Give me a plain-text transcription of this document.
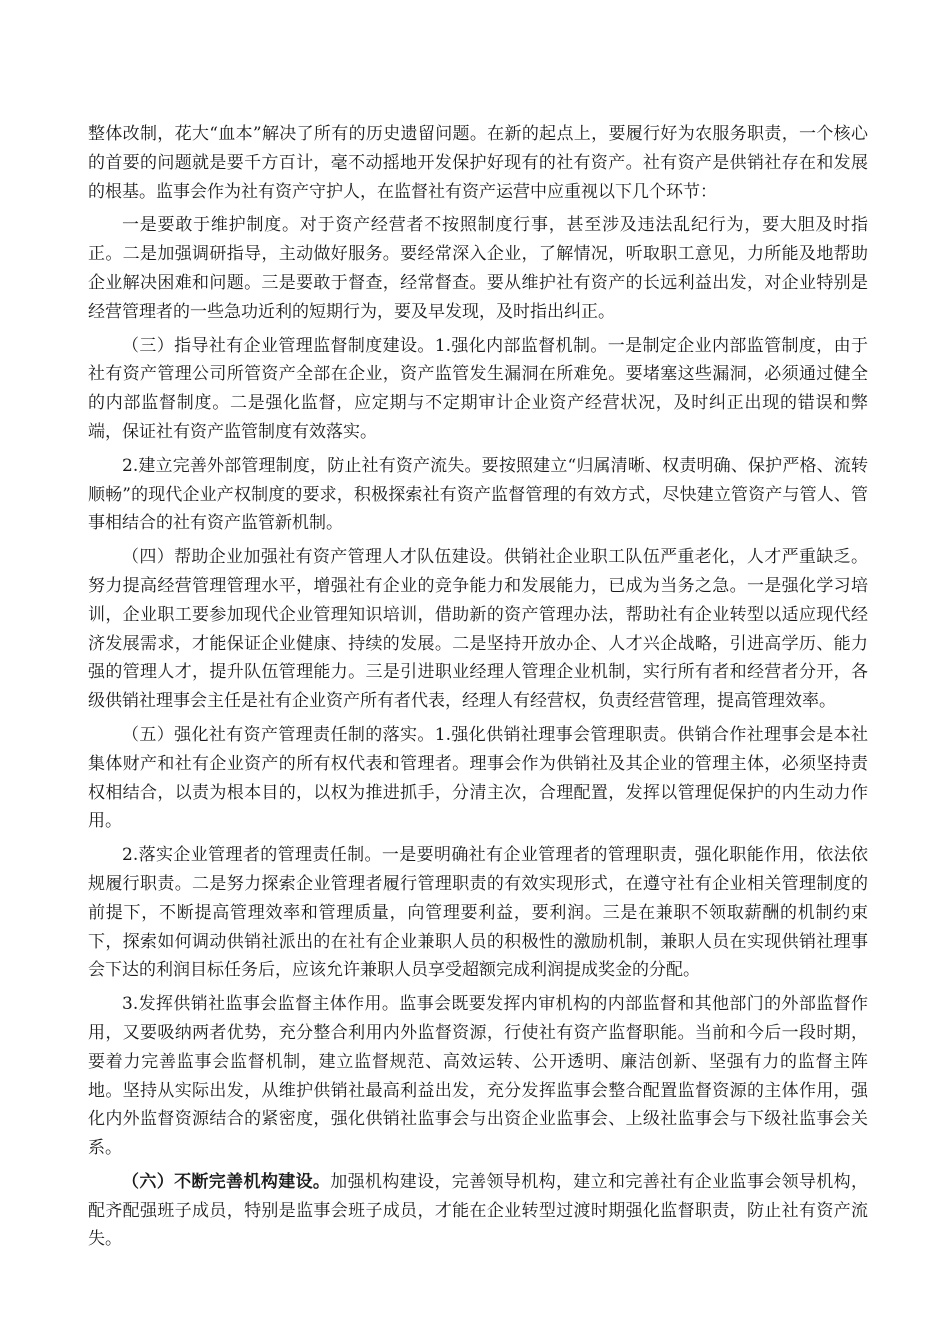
整体改制，花大“血本”解决了所有的历史遗留问题。在新的起点上，要履行好为农服务职责，一个核心的首要的问题就是要千方百计，毫不动摇地开发保护好现有的社有资产。社有资产是供销社存在和发展的根基。监事会作为社有资产守护人，在监督社有资产运营中应重视以下几个环节：

一是要敢于维护制度。对于资产经营者不按照制度行事，甚至涉及违法乱纪行为，要大胆及时指正。二是加强调研指导，主动做好服务。要经常深入企业，了解情况，听取职工意见，力所能及地帮助企业解决困难和问题。三是要敢于督查，经常督查。要从维护社有资产的长远利益出发，对企业特别是经营管理者的一些急功近利的短期行为，要及早发现，及时指出纠正。

（三）指导社有企业管理监督制度建设。1.强化内部监督机制。一是制定企业内部监管制度，由于社有资产管理公司所管资产全部在企业，资产监管发生漏洞在所难免。要堵塞这些漏洞，必须通过健全的内部监督制度。二是强化监督，应定期与不定期审计企业资产经营状况，及时纠正出现的错误和弊端，保证社有资产监管制度有效落实。

2.建立完善外部管理制度，防止社有资产流失。要按照建立“归属清晰、权责明确、保护严格、流转顺畅”的现代企业产权制度的要求，积极探索社有资产监督管理的有效方式，尽快建立管资产与管人、管事相结合的社有资产监管新机制。

（四）帮助企业加强社有资产管理人才队伍建设。供销社企业职工队伍严重老化，人才严重缺乏。努力提高经营管理管理水平，增强社有企业的竞争能力和发展能力，已成为当务之急。一是强化学习培训，企业职工要参加现代企业管理知识培训，借助新的资产管理办法，帮助社有企业转型以适应现代经济发展需求，才能保证企业健康、持续的发展。二是坚持开放办企、人才兴企战略，引进高学历、能力强的管理人才，提升队伍管理能力。三是引进职业经理人管理企业机制，实行所有者和经营者分开，各级供销社理事会主任是社有企业资产所有者代表，经理人有经营权，负责经营管理，提高管理效率。

（五）强化社有资产管理责任制的落实。1.强化供销社理事会管理职责。供销合作社理事会是本社集体财产和社有企业资产的所有权代表和管理者。理事会作为供销社及其企业的管理主体，必须坚持责权相结合，以责为根本目的，以权为推进抓手，分清主次，合理配置，发挥以管理促保护的内生动力作用。

2.落实企业管理者的管理责任制。一是要明确社有企业管理者的管理职责，强化职能作用，依法依规履行职责。二是努力探索企业管理者履行管理职责的有效实现形式，在遵守社有企业相关管理制度的前提下，不断提高管理效率和管理质量，向管理要利益，要利润。三是在兼职不领取薪酬的机制约束下，探索如何调动供销社派出的在社有企业兼职人员的积极性的激励机制，兼职人员在实现供销社理事会下达的利润目标任务后，应该允许兼职人员享受超额完成利润提成奖金的分配。

3.发挥供销社监事会监督主体作用。监事会既要发挥内审机构的内部监督和其他部门的外部监督作用，又要吸纳两者优势，充分整合利用内外监督资源，行使社有资产监督职能。当前和今后一段时期，要着力完善监事会监督机制，建立监督规范、高效运转、公开透明、廉洁创新、坚强有力的监督主阵地。坚持从实际出发，从维护供销社最高利益出发，充分发挥监事会整合配置监督资源的主体作用，强化内外监督资源结合的紧密度，强化供销社监事会与出资企业监事会、上级社监事会与下级社监事会关系。

（六）不断完善机构建设。加强机构建设，完善领导机构，建立和完善社有企业监事会领导机构，配齐配强班子成员，特别是监事会班子成员，才能在企业转型过渡时期强化监督职责，防止社有资产流失。
